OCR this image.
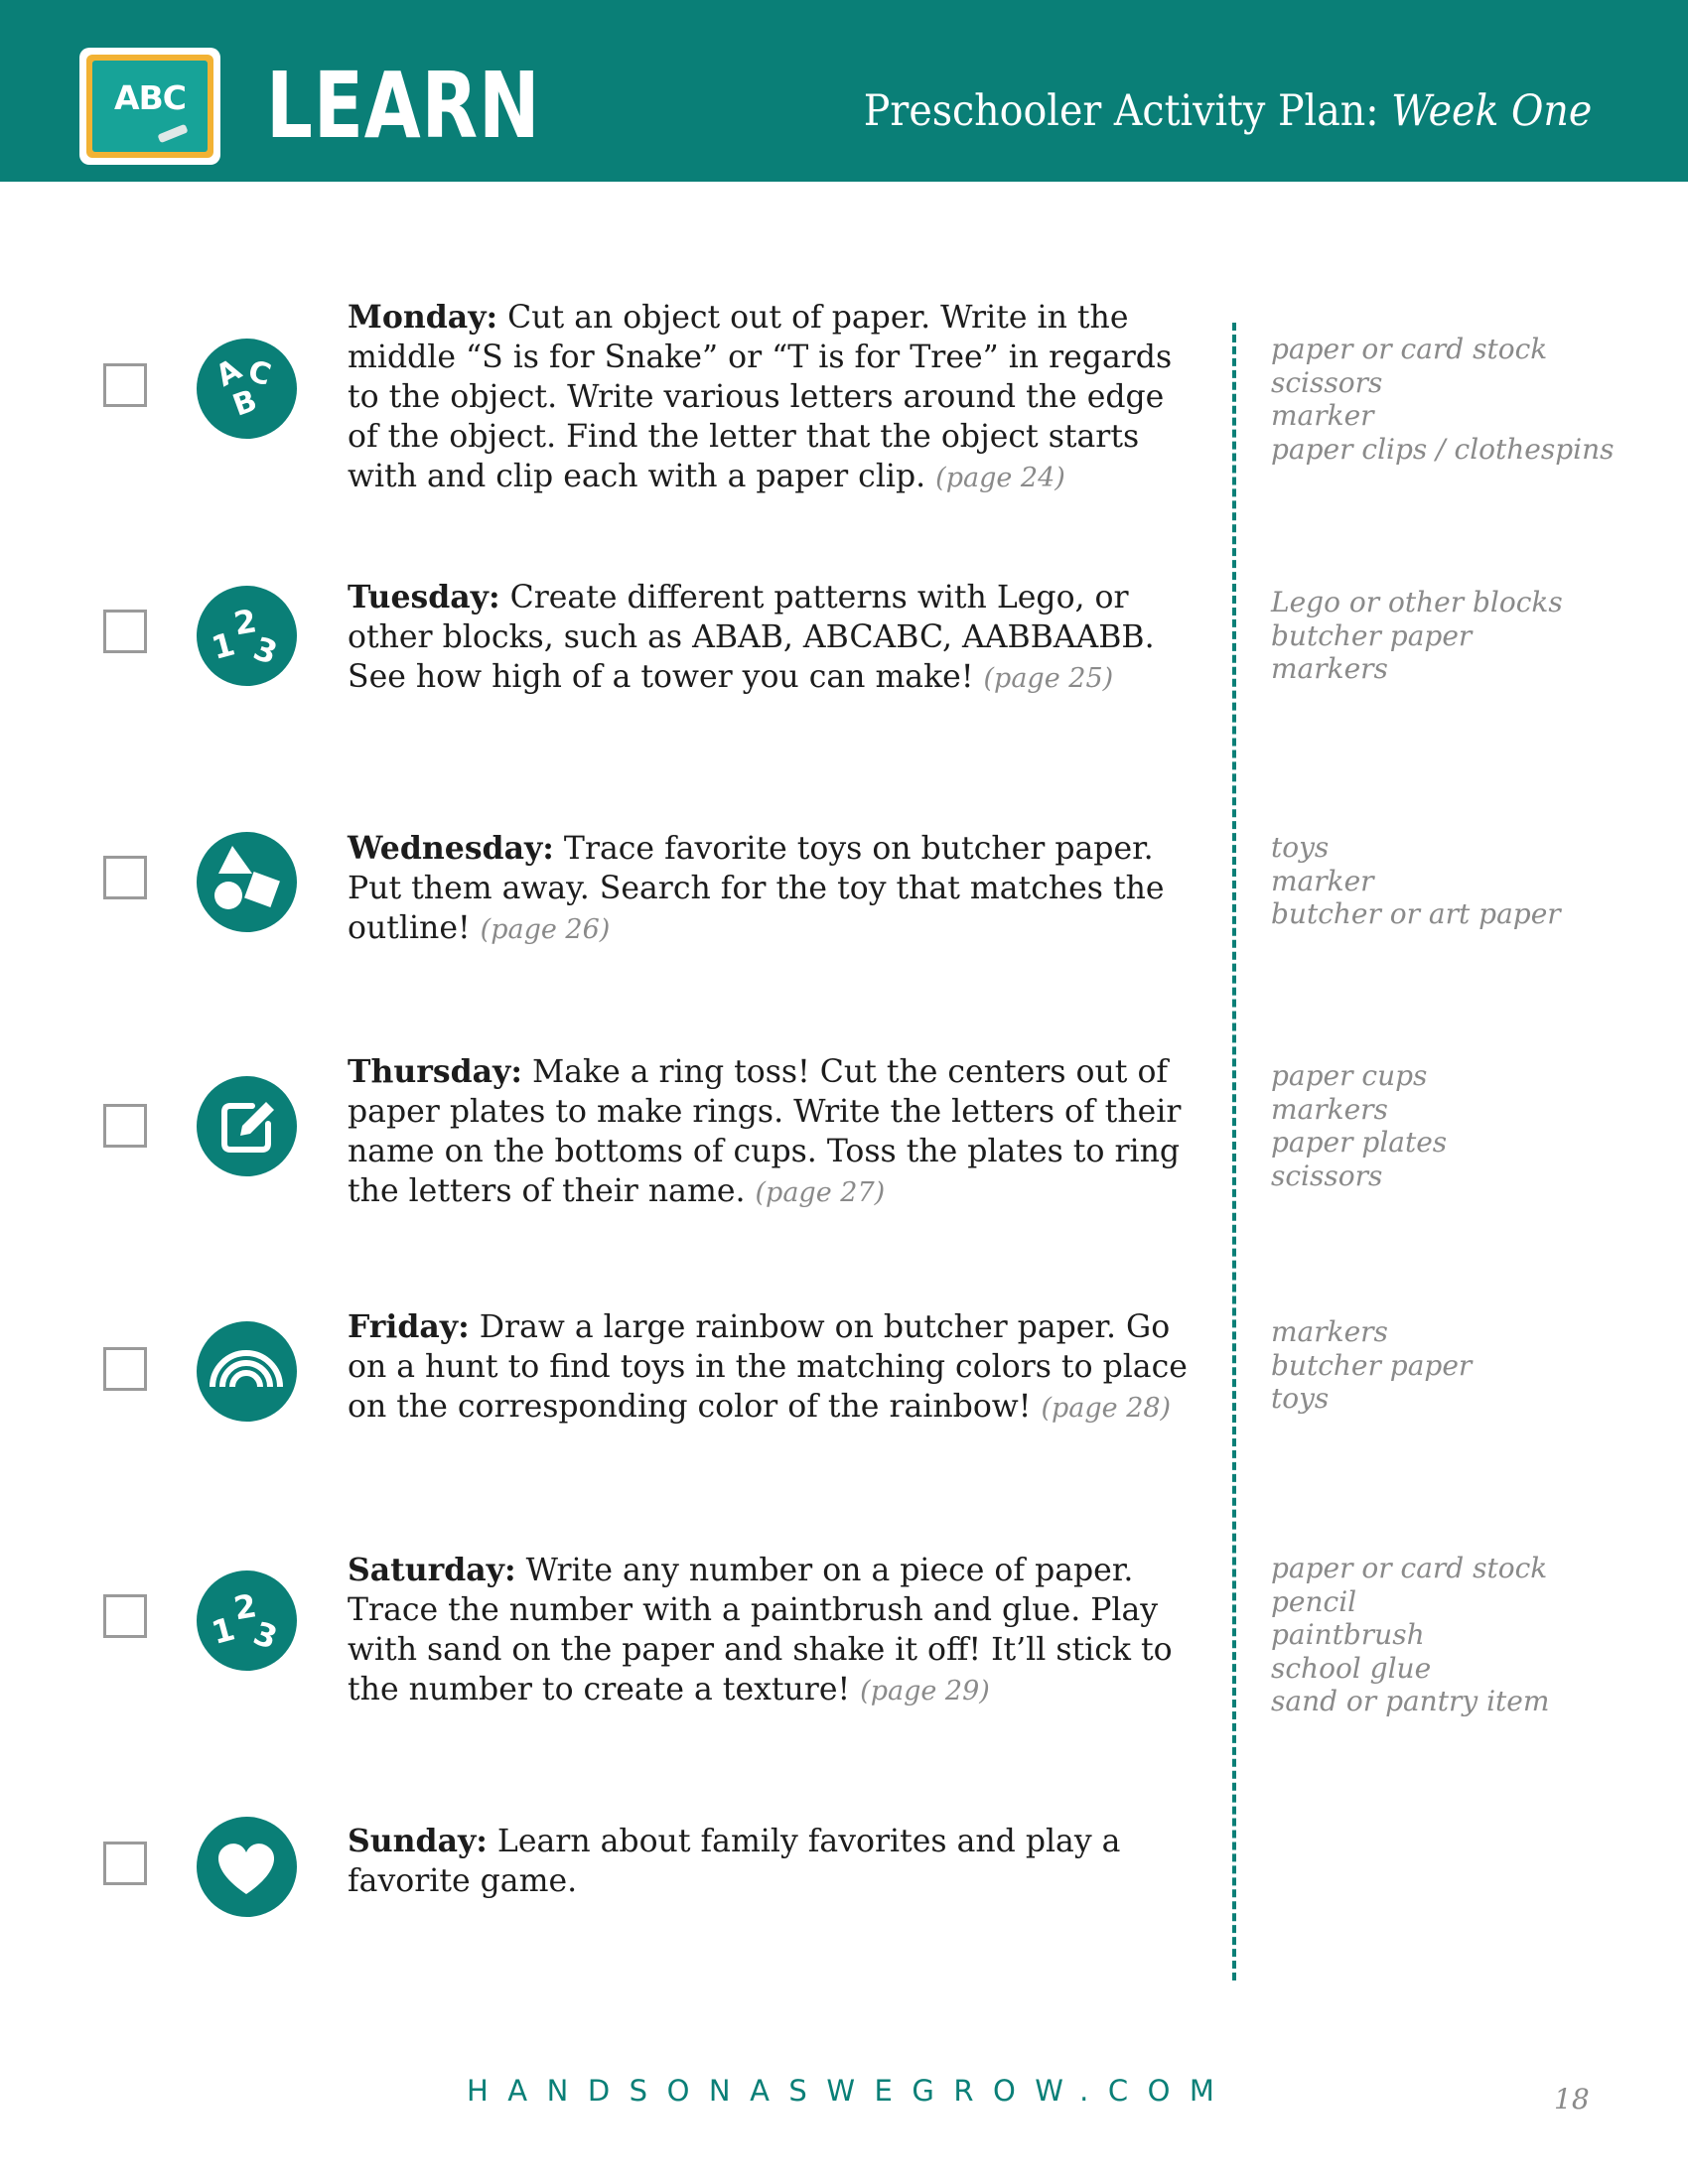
ABC LEARN	Preschooler Activity Plan: Week One
A
C
B
Monday: Cut an object out of paper. Write in the middle “S is for Snake” or “T is for Tree” in regards to the object. Write various letters around the edge of the object. Find the letter that the object starts with and clip each with a paper clip. (page 24)
paper or card stock
scissors
marker
paper clips / clothespins
1
2
3
Tuesday: Create different patterns with Lego, or other blocks, such as ABAB, ABCABC, AABBAABB. See how high of a tower you can make! (page 25)
Lego or other blocks
butcher paper
markers
Wednesday: Trace favorite toys on butcher paper. Put them away. Search for the toy that matches the outline! (page 26)
toys
marker
butcher or art paper
Thursday: Make a ring toss! Cut the centers out of paper plates to make rings. Write the letters of their name on the bottoms of cups. Toss the plates to ring the letters of their name. (page 27)
paper cups
markers
paper plates
scissors
Friday: Draw a large rainbow on butcher paper. Go on a hunt to find toys in the matching colors to place on the corresponding color of the rainbow! (page 28)
markers
butcher paper
toys
1
2
3
Saturday: Write any number on a piece of paper. Trace the number with a paintbrush and glue. Play with sand on the paper and shake it off! It’ll stick to the number to create a texture! (page 29)
paper or card stock
pencil
paintbrush
school glue
sand or pantry item
Sunday: Learn about family favorites and play a favorite game.
HANDSONASWEGROW.COM	18
